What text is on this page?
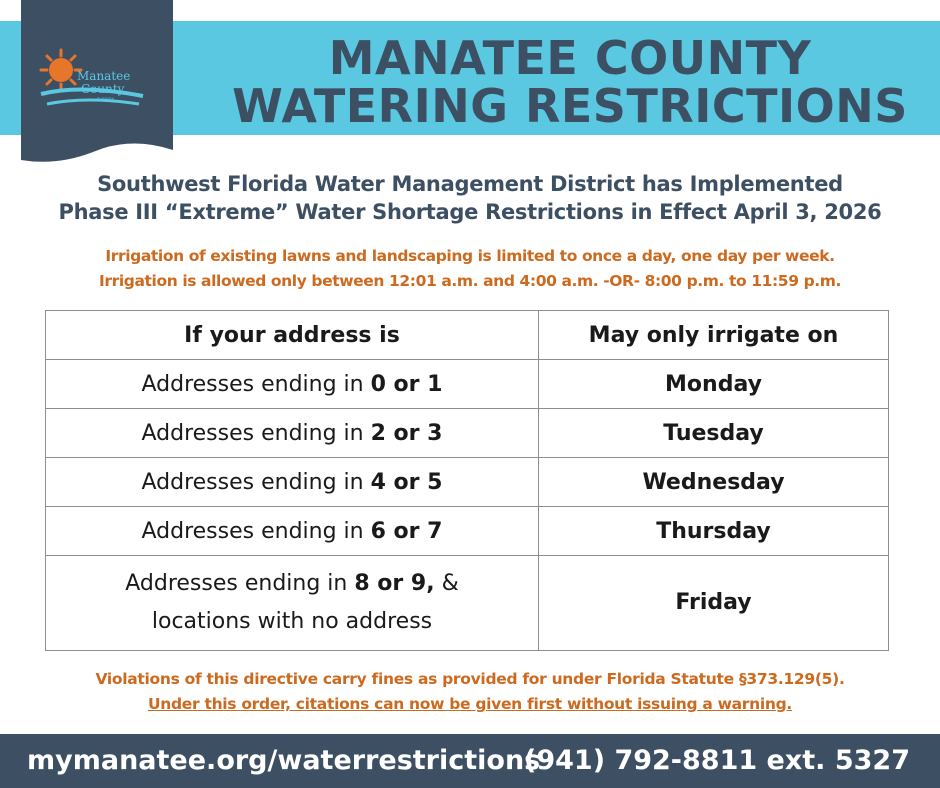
Manatee
County
FLORIDA
MANATEE COUNTY
WATERING RESTRICTIONS
Southwest Florida Water Management District has Implemented
Phase III “Extreme” Water Shortage Restrictions in Effect April 3, 2026
Irrigation of existing lawns and landscaping is limited to once a day, one day per week.
Irrigation is allowed only between 12:01 a.m. and 4:00 a.m. -OR- 8:00 p.m. to 11:59 p.m.
If your address is	May only irrigate on
Addresses ending in 0 or 1	Monday
Addresses ending in 2 or 3	Tuesday
Addresses ending in 4 or 5	Wednesday
Addresses ending in 6 or 7	Thursday
Addresses ending in 8 or 9, &
locations with no address	Friday
Violations of this directive carry fines as provided for under Florida Statute §373.129(5).
Under this order, citations can now be given first without issuing a warning.
mymanatee.org/waterrestrictions
(941) 792-8811 ext. 5327
